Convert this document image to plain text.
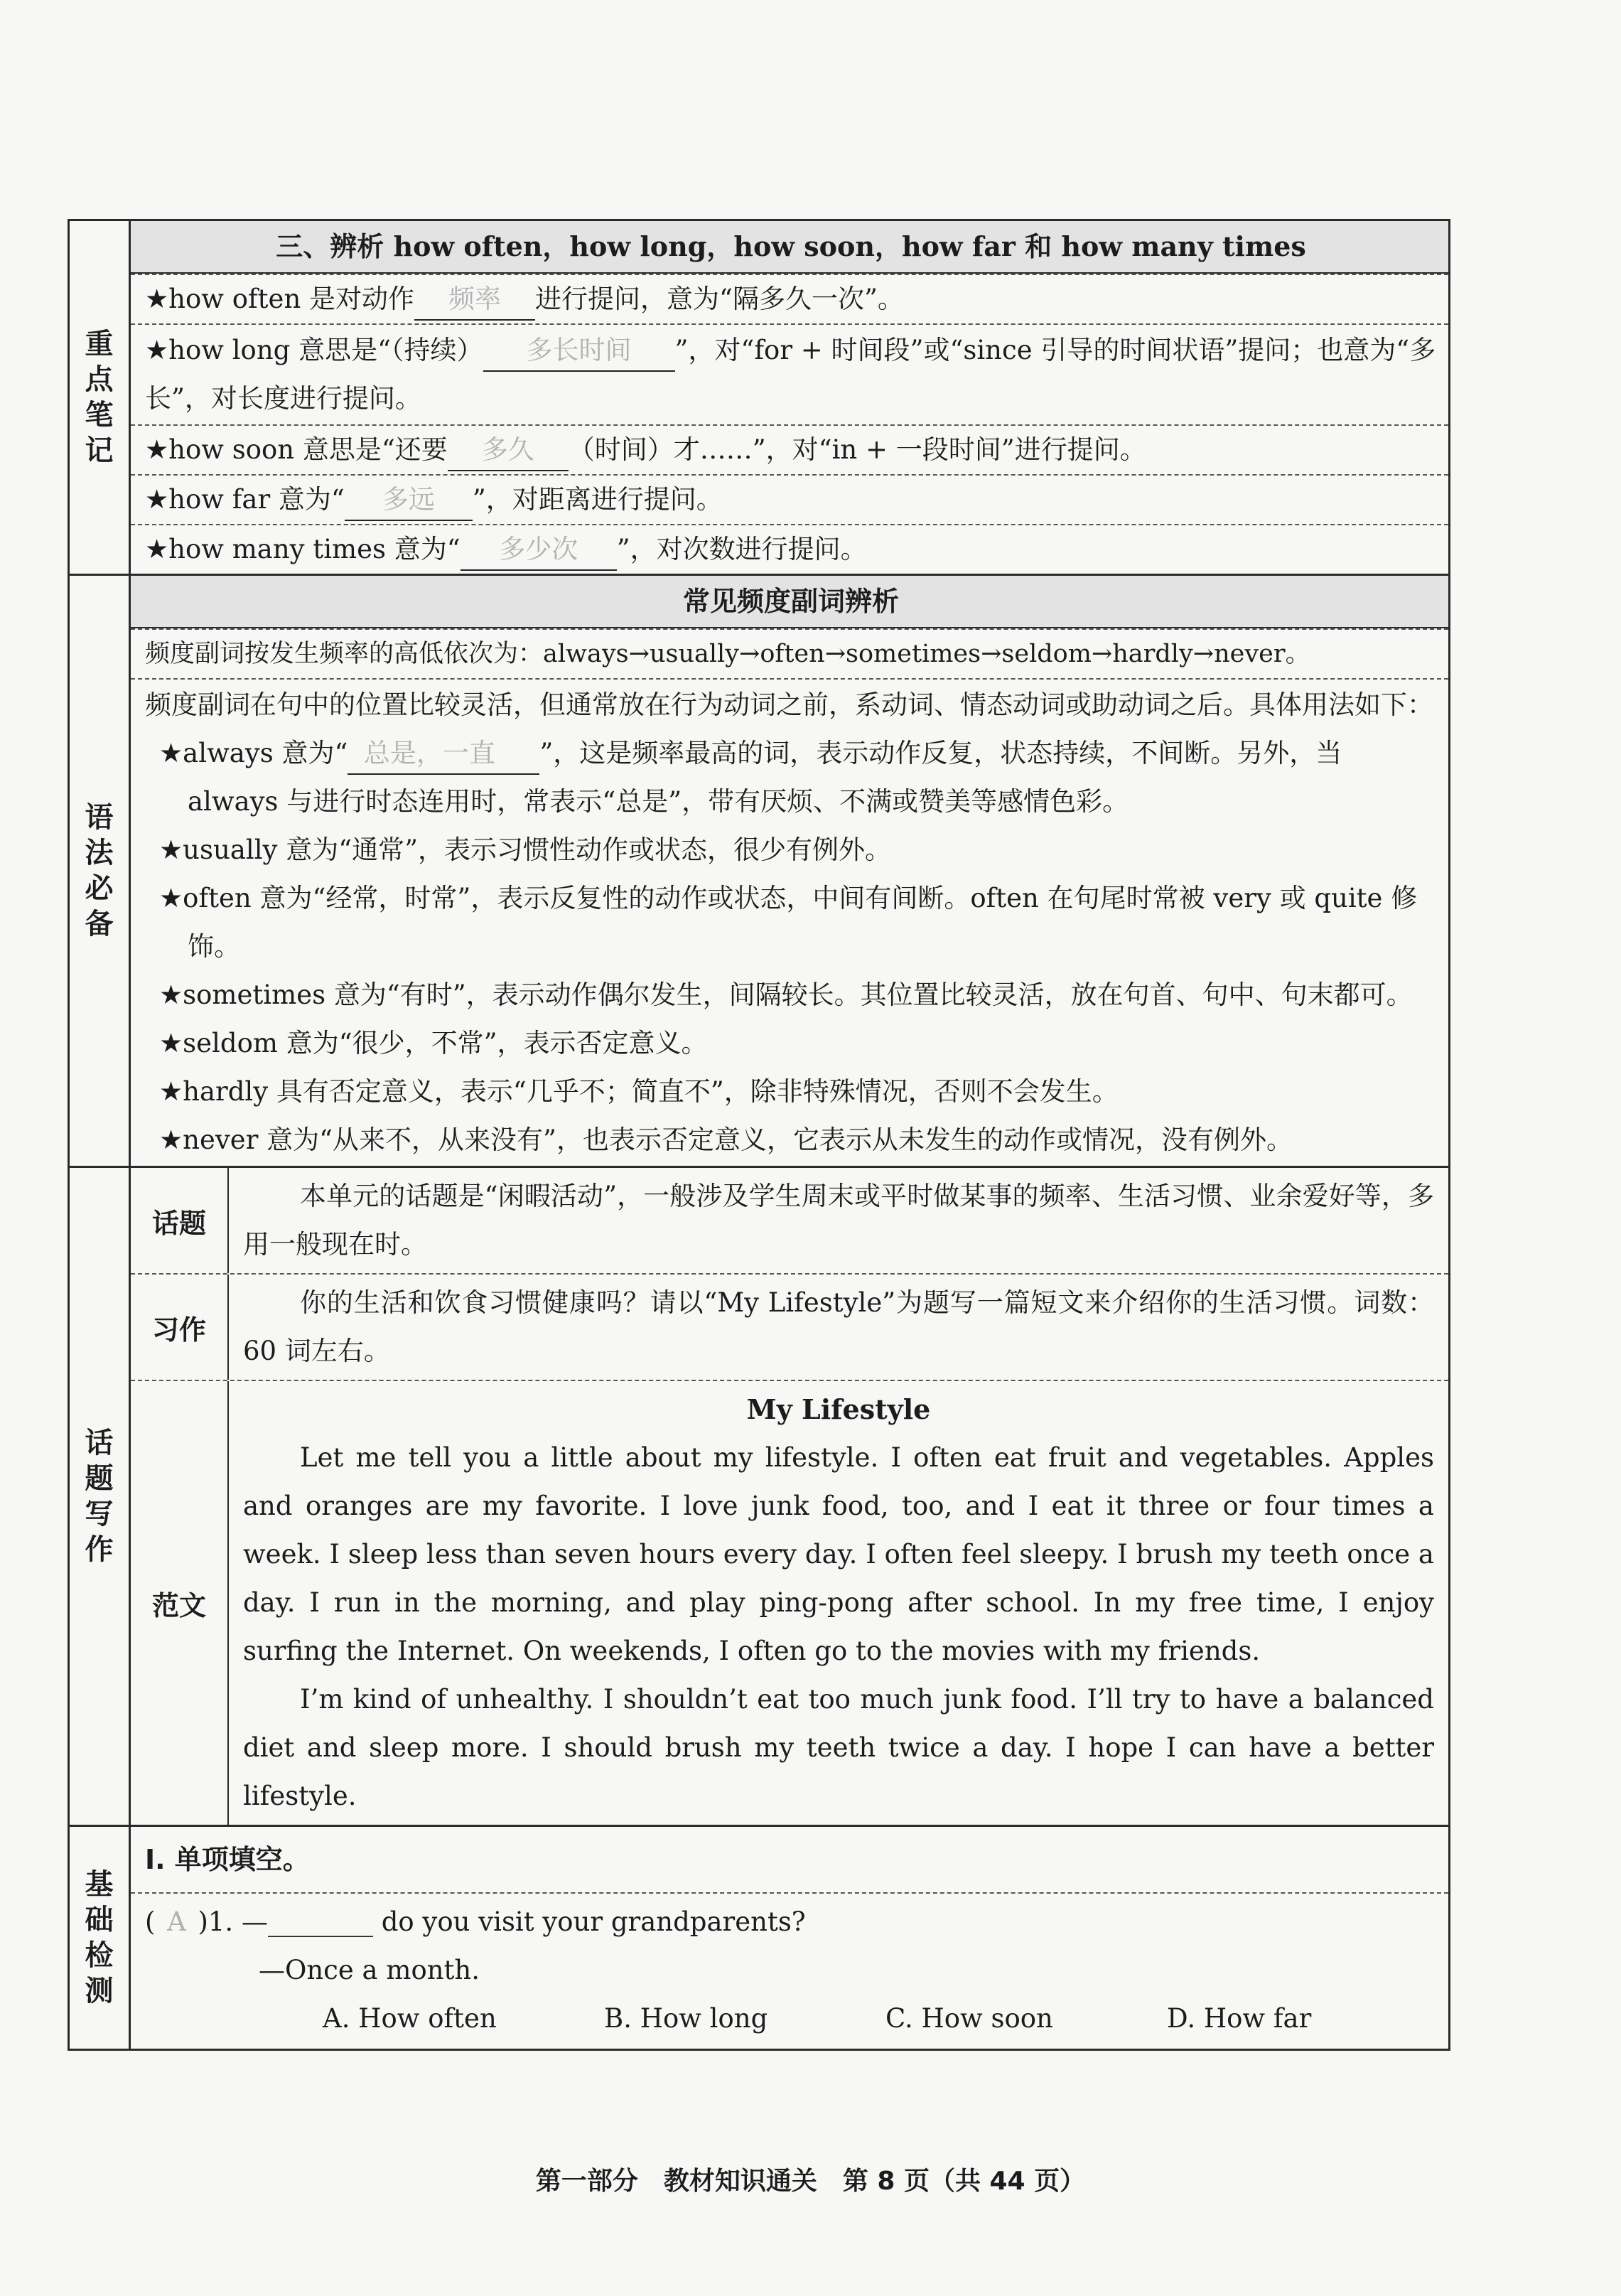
重点笔记
三、辨析 how often，how long，how soon，how far 和 how many times
★how often 是对动作 频率 进行提问，意为“隔多久一次”。
★how long 意思是“（持续） 多长时间 ”，对“for + 时间段”或“since 引导的时间状语”提问；也意为“多长”，对长度进行提问。
★how soon 意思是“还要 多久 （时间）才……”，对“in + 一段时间”进行提问。
★how far 意为“ 多远 ”，对距离进行提问。
★how many times 意为“ 多少次 ”，对次数进行提问。
语法必备
常见频度副词辨析
频度副词按发生频率的高低依次为：always→usually→often→sometimes→seldom→hardly→never。
频度副词在句中的位置比较灵活，但通常放在行为动词之前，系动词、情态动词或助动词之后。具体用法如下：
★always 意为“ 总是，一直 ”，这是频率最高的词，表示动作反复，状态持续，不间断。另外，当 always 与进行时态连用时，常表示“总是”，带有厌烦、不满或赞美等感情色彩。
★usually 意为“通常”，表示习惯性动作或状态，很少有例外。
★often 意为“经常，时常”，表示反复性的动作或状态，中间有间断。often 在句尾时常被 very 或 quite 修饰。
★sometimes 意为“有时”，表示动作偶尔发生，间隔较长。其位置比较灵活，放在句首、句中、句末都可。
★seldom 意为“很少，不常”，表示否定意义。
★hardly 具有否定意义，表示“几乎不；简直不”，除非特殊情况，否则不会发生。
★never 意为“从来不，从来没有”，也表示否定意义，它表示从未发生的动作或情况，没有例外。
话题写作
话题
本单元的话题是“闲暇活动”，一般涉及学生周末或平时做某事的频率、生活习惯、业余爱好等，多用一般现在时。
习作
你的生活和饮食习惯健康吗？请以“My Lifestyle”为题写一篇短文来介绍你的生活习惯。词数：60 词左右。
范文
My Lifestyle
Let me tell you a little about my lifestyle. I often eat fruit and vegetables. Apples and oranges are my favorite. I love junk food, too, and I eat it three or four times a week. I sleep less than seven hours every day. I often feel sleepy. I brush my teeth once a day. I run in the morning, and play ping-pong after school. In my free time, I enjoy surfing the Internet. On weekends, I often go to the movies with my friends.
I’m kind of unhealthy. I shouldn’t eat too much junk food. I’ll try to have a balanced diet and sleep more. I should brush my teeth twice a day. I hope I can have a better lifestyle.
基础检测
Ⅰ. 单项填空。
( A )1. —________ do you visit your grandparents?
—Once a month.
A. How often	B. How long	C. How soon	D. How far
第一部分　教材知识通关　第 8 页（共 44 页）
